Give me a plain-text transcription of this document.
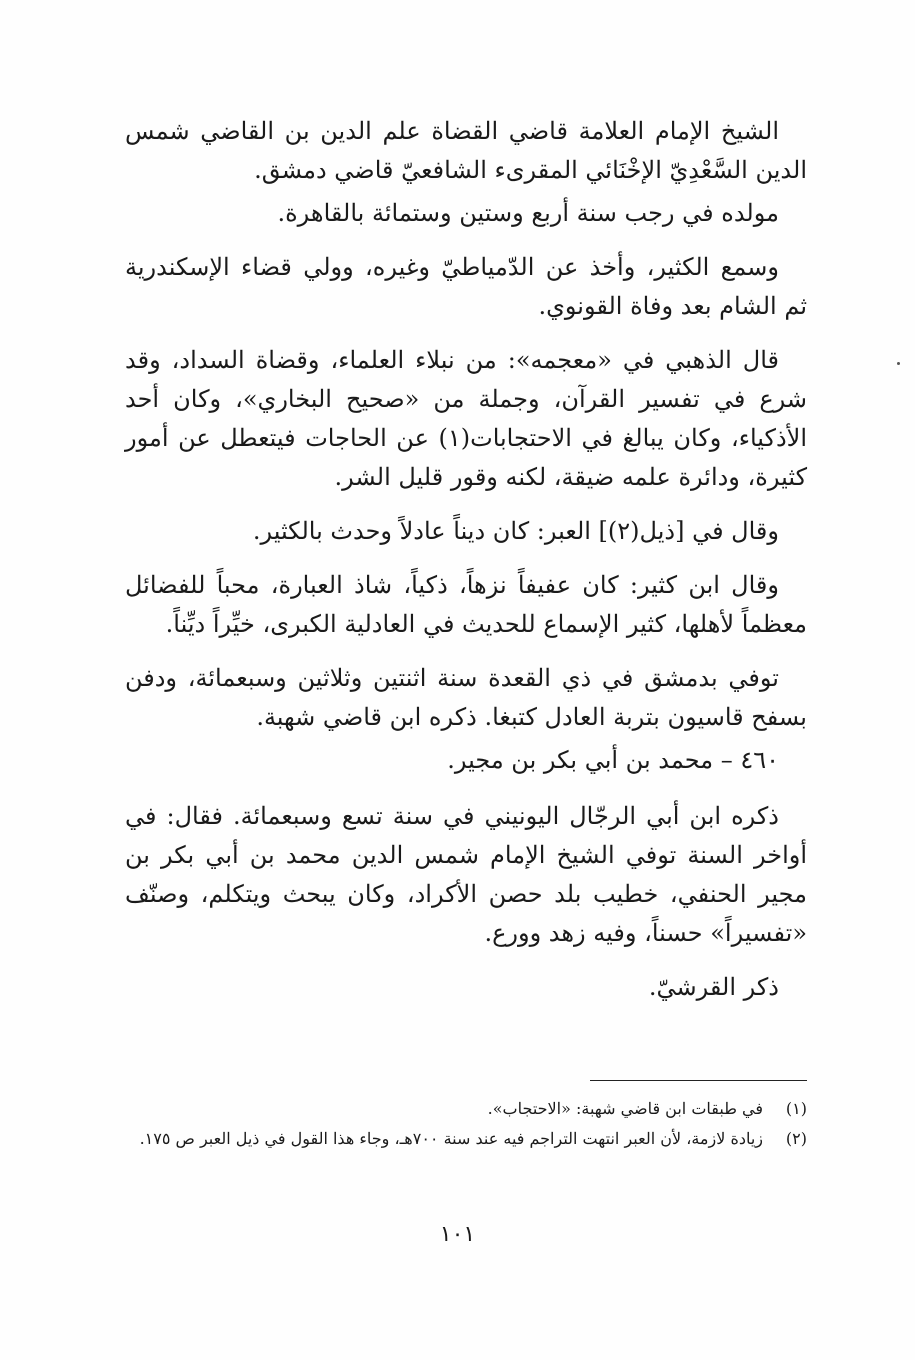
الشيخ الإمام العلامة قاضي القضاة علم الدين بن القاضي شمس الدين السَّعْدِيّ الإخْنَائي المقرىء الشافعيّ قاضي دمشق.

مولده في رجب سنة أربع وستين وستمائة بالقاهرة.

وسمع الكثير، وأخذ عن الدّمياطيّ وغيره، وولي قضاء الإسكندرية ثم الشام بعد وفاة القونوي.

قال الذهبي في «معجمه»: من نبلاء العلماء، وقضاة السداد، وقد شرع في تفسير القرآن، وجملة من «صحيح البخاري»، وكان أحد الأذكياء، وكان يبالغ في الاحتجابات(١) عن الحاجات فيتعطل عن أمور كثيرة، ودائرة علمه ضيقة، لكنه وقور قليل الشر.

وقال في [ذيل(٢)] العبر: كان ديناً عادلاً وحدث بالكثير.

وقال ابن كثير: كان عفيفاً نزهاً، ذكياً، شاذ العبارة، محباً للفضائل معظماً لأهلها، كثير الإسماع للحديث في العادلية الكبرى، خيِّراً ديِّناً.

توفي بدمشق في ذي القعدة سنة اثنتين وثلاثين وسبعمائة، ودفن بسفح قاسيون بتربة العادل كتبغا. ذكره ابن قاضي شهبة.

٤٦٠ – محمد بن أبي بكر بن مجير.

ذكره ابن أبي الرجّال اليونيني في سنة تسع وسبعمائة. فقال: في أواخر السنة توفي الشيخ الإمام شمس الدين محمد بن أبي بكر بن مجير الحنفي، خطيب بلد حصن الأكراد، وكان يبحث ويتكلم، وصنّف «تفسيراً» حسناً، وفيه زهد وورع.

ذكر القرشيّ.

(١)
في طبقات ابن قاضي شهبة: «الاحتجاب».
(٢)
زيادة لازمة، لأن العبر انتهت التراجم فيه عند سنة ٧٠٠هـ، وجاء هذا القول في ذيل العبر ص ١٧٥.
١٠١
